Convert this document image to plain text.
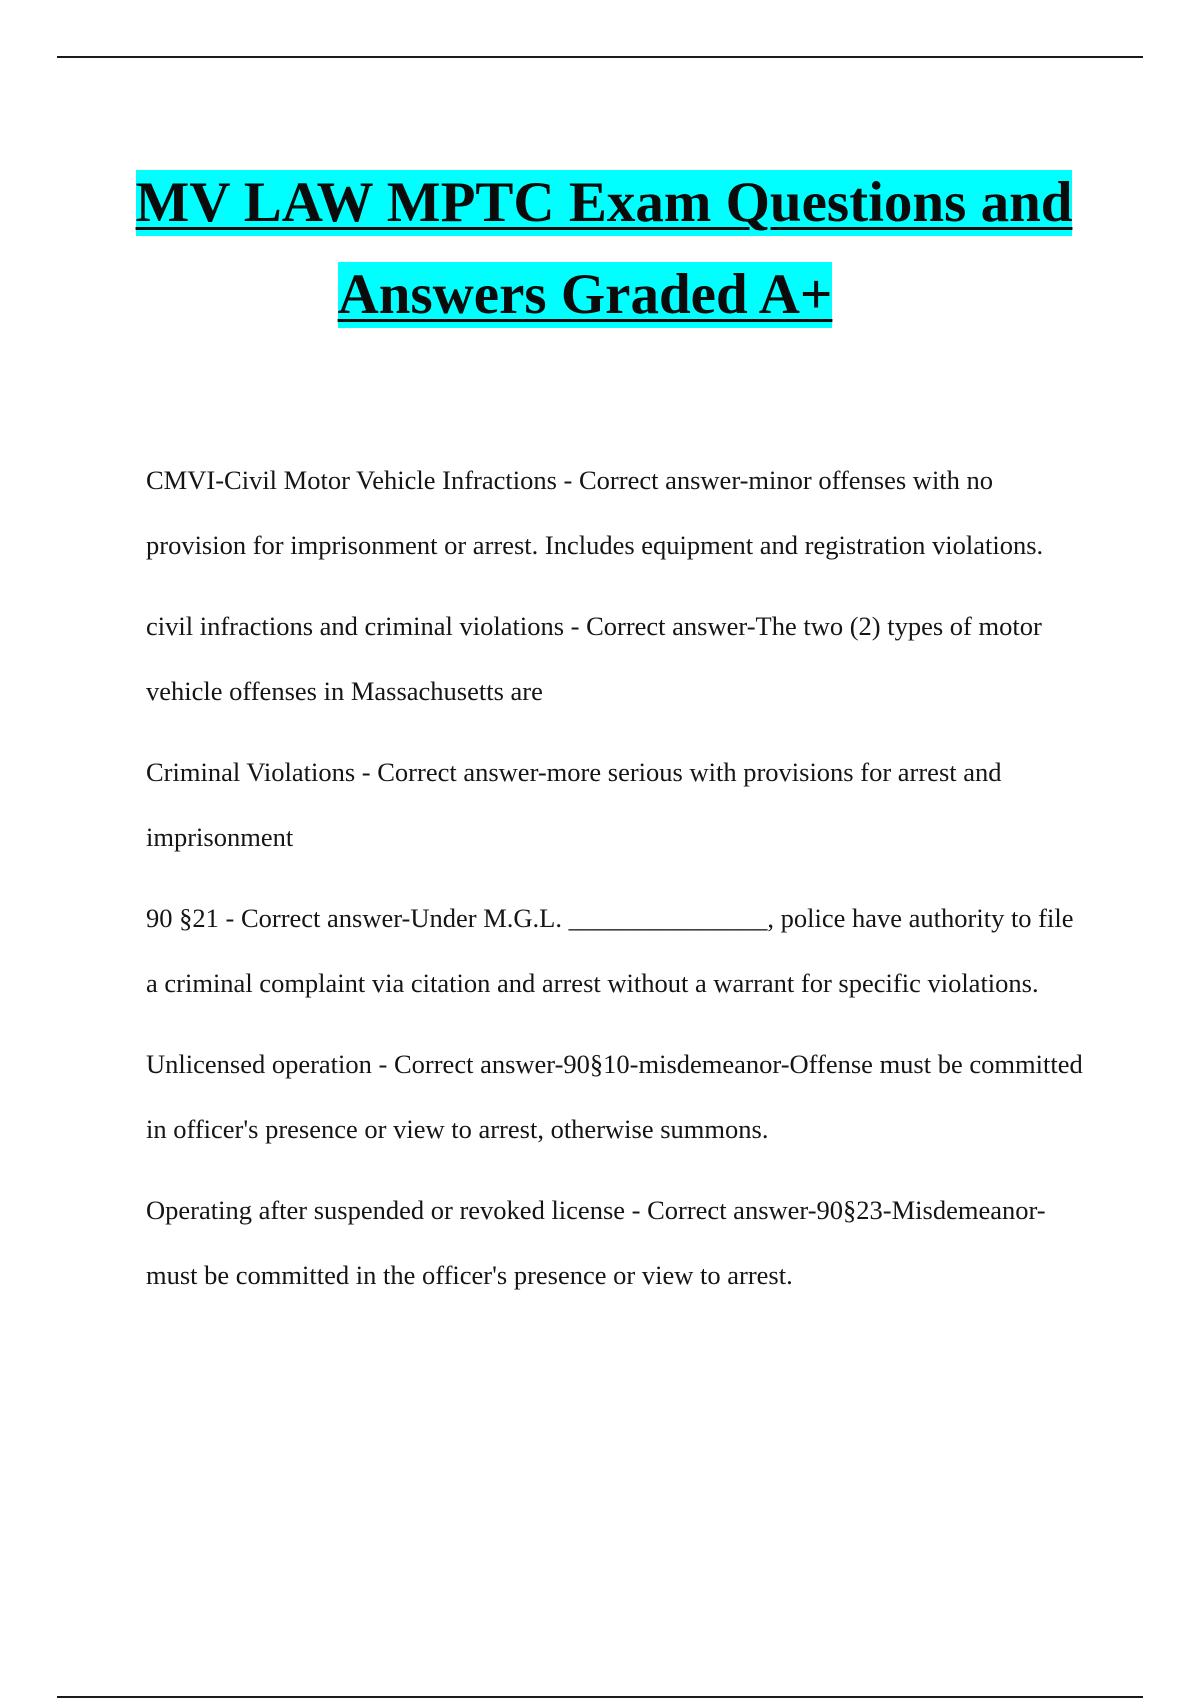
MV LAW MPTC Exam Questions and
Answers Graded A+

CMVI-Civil Motor Vehicle Infractions - Correct answer-minor offenses with no provision for imprisonment or arrest. Includes equipment and registration violations.

civil infractions and criminal violations - Correct answer-The two (2) types of motor vehicle offenses in Massachusetts are

Criminal Violations - Correct answer-more serious with provisions for arrest and imprisonment

90 §21 - Correct answer-Under M.G.L. _______________, police have authority to file a criminal complaint via citation and arrest without a warrant for specific violations.

Unlicensed operation - Correct answer-90§10-misdemeanor-Offense must be committed in officer's presence or view to arrest, otherwise summons.

Operating after suspended or revoked license - Correct answer-90§23-Misdemeanor-must be committed in the officer's presence or view to arrest.
